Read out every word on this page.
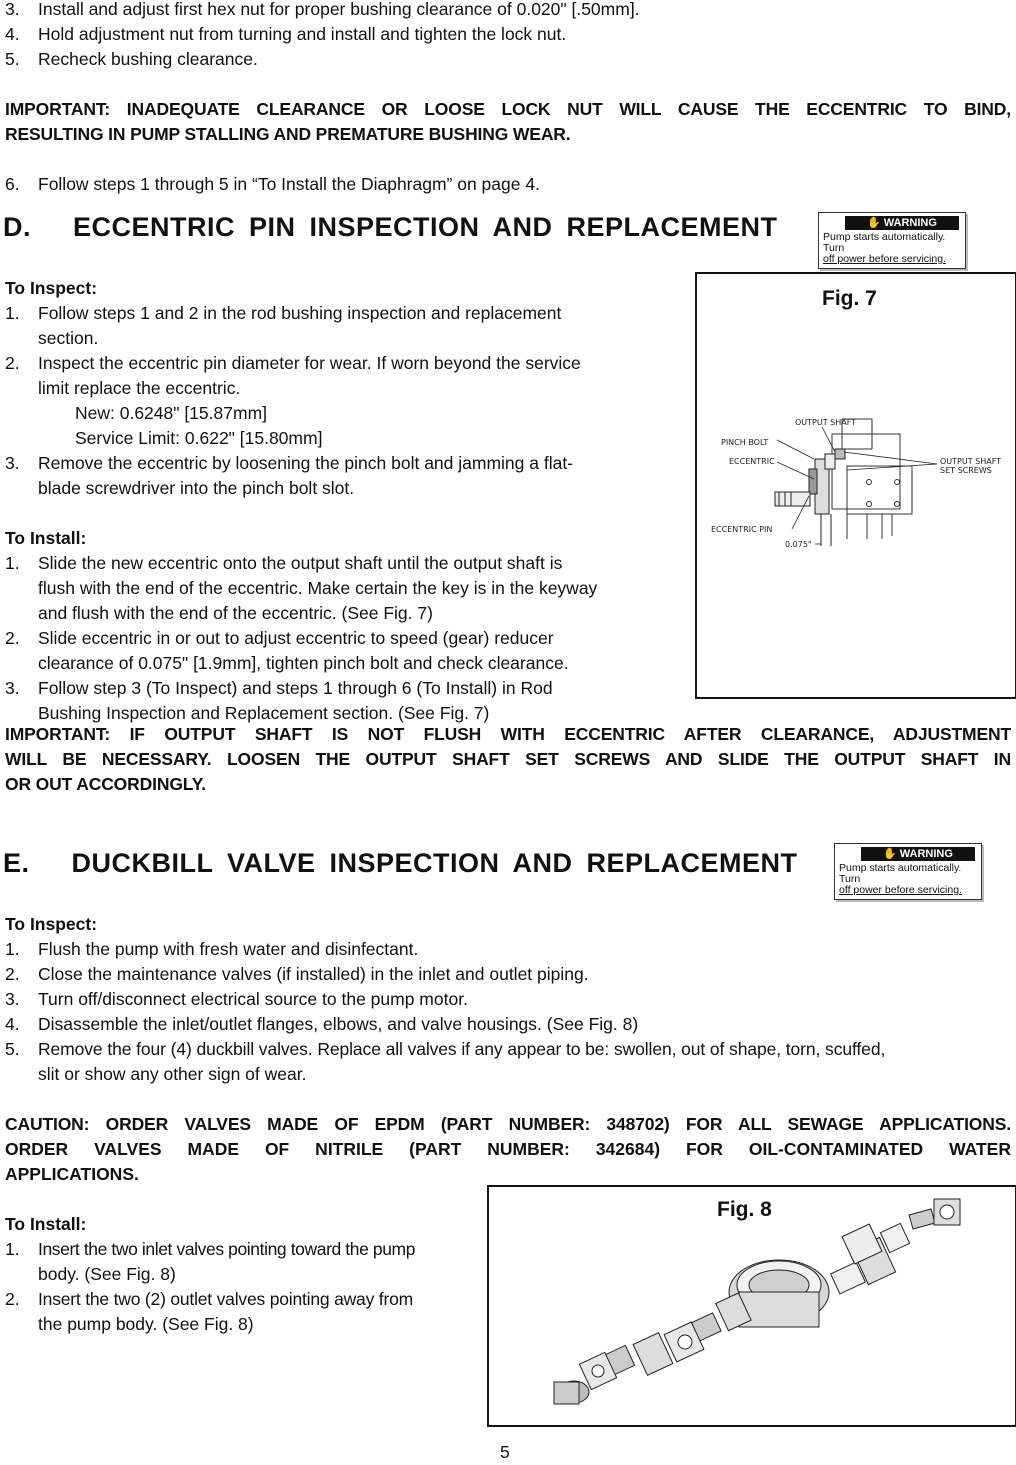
3.	Install and adjust first hex nut for proper bushing clearance of 0.020" [.50mm].
4.	Hold adjustment nut from turning and install and tighten the lock nut.
5.	Recheck bushing clearance.
IMPORTANT: INADEQUATE CLEARANCE OR LOOSE LOCK NUT WILL CAUSE THE ECCENTRIC TO BIND,
RESULTING IN PUMP STALLING AND PREMATURE BUSHING WEAR.
6.	Follow steps 1 through 5 in “To Install the Diaphragm” on page 4.
D.   ECCENTRIC PIN INSPECTION AND REPLACEMENT	✋ WARNING
Pump starts automatically. Turn
off power before servicing.
To Inspect:
1.	Follow steps 1 and 2 in the rod bushing inspection and replacement
section.
2.	Inspect the eccentric pin diameter for wear. If worn beyond the service
limit replace the eccentric.
New: 0.6248" [15.87mm]
Service Limit: 0.622" [15.80mm]
3.	Remove the eccentric by loosening the pinch bolt and jamming a flat-
blade screwdriver into the pinch bolt slot.
To Install:
1.	Slide the new eccentric onto the output shaft until the output shaft is
flush with the end of the eccentric. Make certain the key is in the keyway
and flush with the end of the eccentric. (See Fig. 7)
2.	Slide eccentric in or out to adjust eccentric to speed (gear) reducer
clearance of 0.075" [1.9mm], tighten pinch bolt and check clearance.
3.	Follow step 3 (To Inspect) and steps 1 through 6 (To Install) in Rod
Bushing Inspection and Replacement section. (See Fig. 7)
Fig. 7
OUTPUT SHAFT
PINCH BOLT
ECCENTRIC	OUTPUT SHAFT
SET SCREWS
ECCENTRIC PIN
0.075"
IMPORTANT: IF OUTPUT SHAFT IS NOT FLUSH WITH ECCENTRIC AFTER CLEARANCE, ADJUSTMENT
WILL BE NECESSARY. LOOSEN THE OUTPUT SHAFT SET SCREWS AND SLIDE THE OUTPUT SHAFT IN
OR OUT ACCORDINGLY.
E.   DUCKBILL VALVE INSPECTION AND REPLACEMENT	✋ WARNING
Pump starts automatically. Turn
off power before servicing.
To Inspect:
1.	Flush the pump with fresh water and disinfectant.
2.	Close the maintenance valves (if installed) in the inlet and outlet piping.
3.	Turn off/disconnect electrical source to the pump motor.
4.	Disassemble the inlet/outlet flanges, elbows, and valve housings. (See Fig. 8)
5.	Remove the four (4) duckbill valves. Replace all valves if any appear to be: swollen, out of shape, torn, scuffed,
slit or show any other sign of wear.
CAUTION: ORDER VALVES MADE OF EPDM (PART NUMBER: 348702) FOR ALL SEWAGE APPLICATIONS.
ORDER VALVES MADE OF NITRILE (PART NUMBER: 342684) FOR OIL-CONTAMINATED WATER
APPLICATIONS.
To Install:
1.	Insert the two inlet valves pointing toward the pump
body. (See Fig. 8)
2.	Insert the two (2) outlet valves pointing away from
the pump body. (See Fig. 8)
Fig. 8
5
